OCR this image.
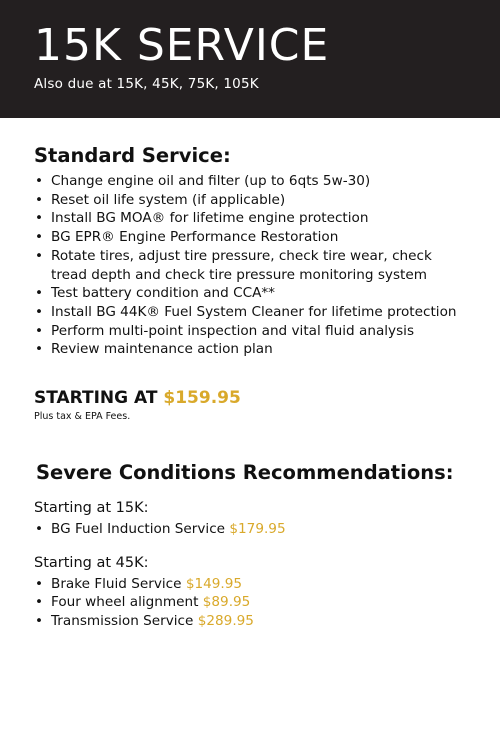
15K SERVICE
Also due at 15K, 45K, 75K, 105K
Standard Service:
• Change engine oil and filter (up to 6qts 5w-30)
• Reset oil life system (if applicable)
• Install BG MOA® for lifetime engine protection
• BG EPR® Engine Performance Restoration
• Rotate tires, adjust tire pressure, check tire wear, check tread depth and check tire pressure monitoring system
• Test battery condition and CCA**
• Install BG 44K® Fuel System Cleaner for lifetime protection
• Perform multi-point inspection and vital fluid analysis
• Review maintenance action plan
STARTING AT $159.95
Plus tax & EPA Fees.
Severe Conditions Recommendations:
Starting at 15K:
• BG Fuel Induction Service $179.95
Starting at 45K:
• Brake Fluid Service $149.95
• Four wheel alignment $89.95
• Transmission Service $289.95
